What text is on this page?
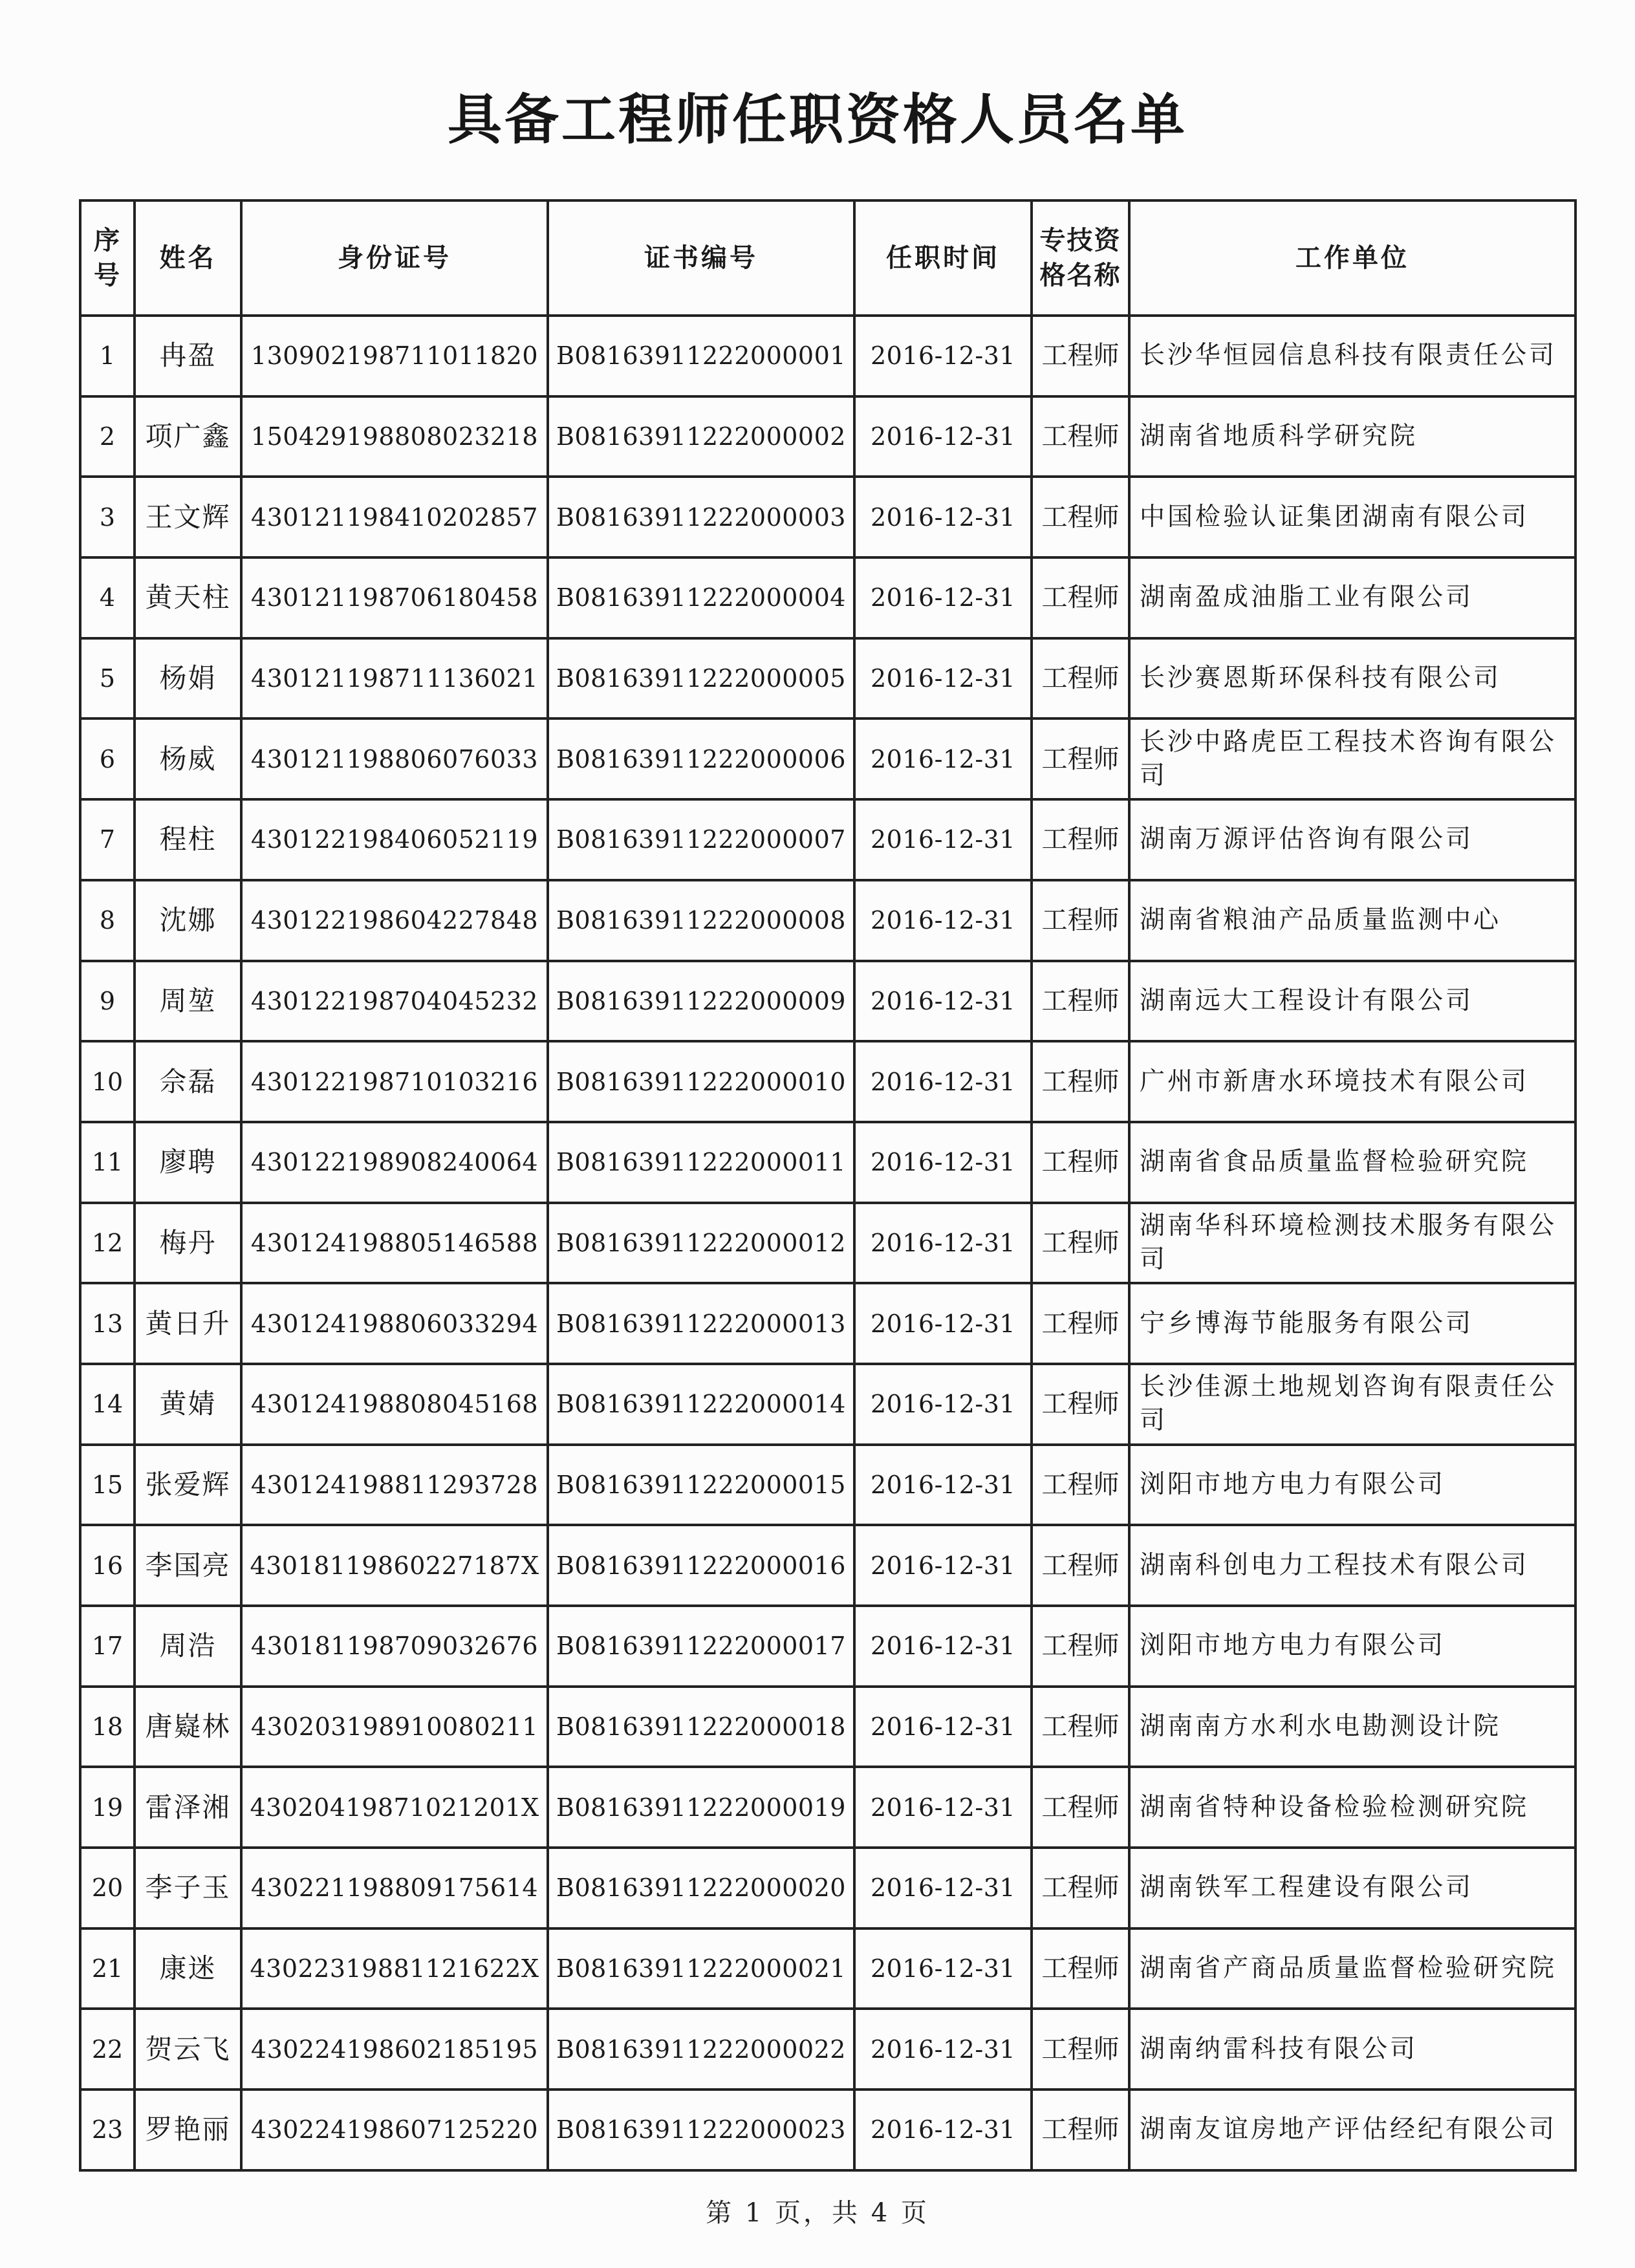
具备工程师任职资格人员名单
序号	姓名	身份证号	证书编号	任职时间	专技资格名称	工作单位
1	冉盈	130902198711011820	B08163911222000001	2016-12-31	工程师	长沙华恒园信息科技有限责任公司
2	项广鑫	150429198808023218	B08163911222000002	2016-12-31	工程师	湖南省地质科学研究院
3	王文辉	430121198410202857	B08163911222000003	2016-12-31	工程师	中国检验认证集团湖南有限公司
4	黄天柱	430121198706180458	B08163911222000004	2016-12-31	工程师	湖南盈成油脂工业有限公司
5	杨娟	430121198711136021	B08163911222000005	2016-12-31	工程师	长沙赛恩斯环保科技有限公司
6	杨威	430121198806076033	B08163911222000006	2016-12-31	工程师	长沙中路虎臣工程技术咨询有限公司
7	程柱	430122198406052119	B08163911222000007	2016-12-31	工程师	湖南万源评估咨询有限公司
8	沈娜	430122198604227848	B08163911222000008	2016-12-31	工程师	湖南省粮油产品质量监测中心
9	周堃	430122198704045232	B08163911222000009	2016-12-31	工程师	湖南远大工程设计有限公司
10	佘磊	430122198710103216	B08163911222000010	2016-12-31	工程师	广州市新唐水环境技术有限公司
11	廖聘	430122198908240064	B08163911222000011	2016-12-31	工程师	湖南省食品质量监督检验研究院
12	梅丹	430124198805146588	B08163911222000012	2016-12-31	工程师	湖南华科环境检测技术服务有限公司
13	黄日升	430124198806033294	B08163911222000013	2016-12-31	工程师	宁乡博海节能服务有限公司
14	黄婧	430124198808045168	B08163911222000014	2016-12-31	工程师	长沙佳源土地规划咨询有限责任公司
15	张爱辉	430124198811293728	B08163911222000015	2016-12-31	工程师	浏阳市地方电力有限公司
16	李国亮	43018119860227187X	B08163911222000016	2016-12-31	工程师	湖南科创电力工程技术有限公司
17	周浩	430181198709032676	B08163911222000017	2016-12-31	工程师	浏阳市地方电力有限公司
18	唐嶷林	430203198910080211	B08163911222000018	2016-12-31	工程师	湖南南方水利水电勘测设计院
19	雷泽湘	43020419871021201X	B08163911222000019	2016-12-31	工程师	湖南省特种设备检验检测研究院
20	李子玉	430221198809175614	B08163911222000020	2016-12-31	工程师	湖南铁军工程建设有限公司
21	康迷	43022319881121622X	B08163911222000021	2016-12-31	工程师	湖南省产商品质量监督检验研究院
22	贺云飞	430224198602185195	B08163911222000022	2016-12-31	工程师	湖南纳雷科技有限公司
23	罗艳丽	430224198607125220	B08163911222000023	2016-12-31	工程师	湖南友谊房地产评估经纪有限公司
第 1 页，共 4 页
